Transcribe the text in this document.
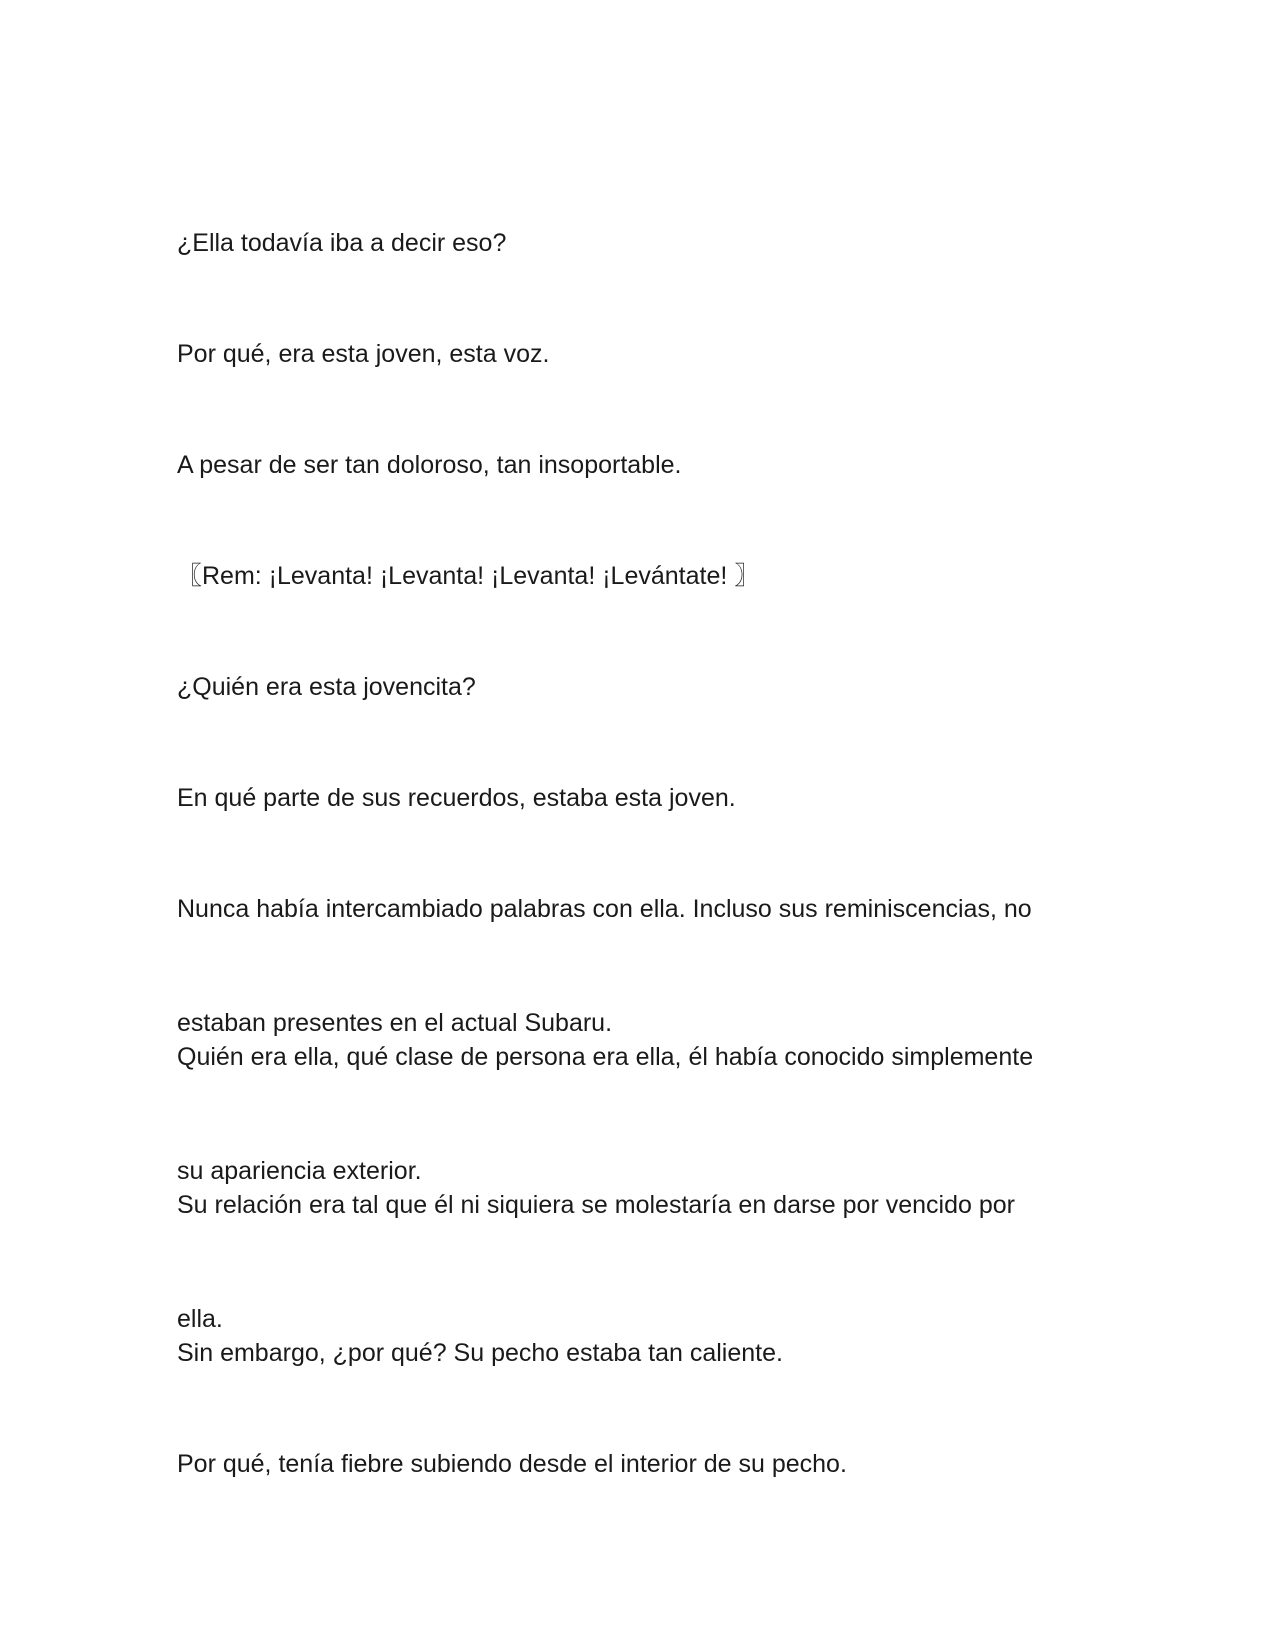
¿Ella todavía iba a decir eso?

Por qué, era esta joven, esta voz.

A pesar de ser tan doloroso, tan insoportable.

〖Rem: ¡Levanta! ¡Levanta! ¡Levanta! ¡Levántate! 〗

¿Quién era esta jovencita?

En qué parte de sus recuerdos, estaba esta joven.

Nunca había intercambiado palabras con ella. Incluso sus reminiscencias, no

estaban presentes en el actual Subaru.

Quién era ella, qué clase de persona era ella, él había conocido simplemente

su apariencia exterior.

Su relación era tal que él ni siquiera se molestaría en darse por vencido por

ella.

Sin embargo, ¿por qué? Su pecho estaba tan caliente.

Por qué, tenía fiebre subiendo desde el interior de su pecho.
